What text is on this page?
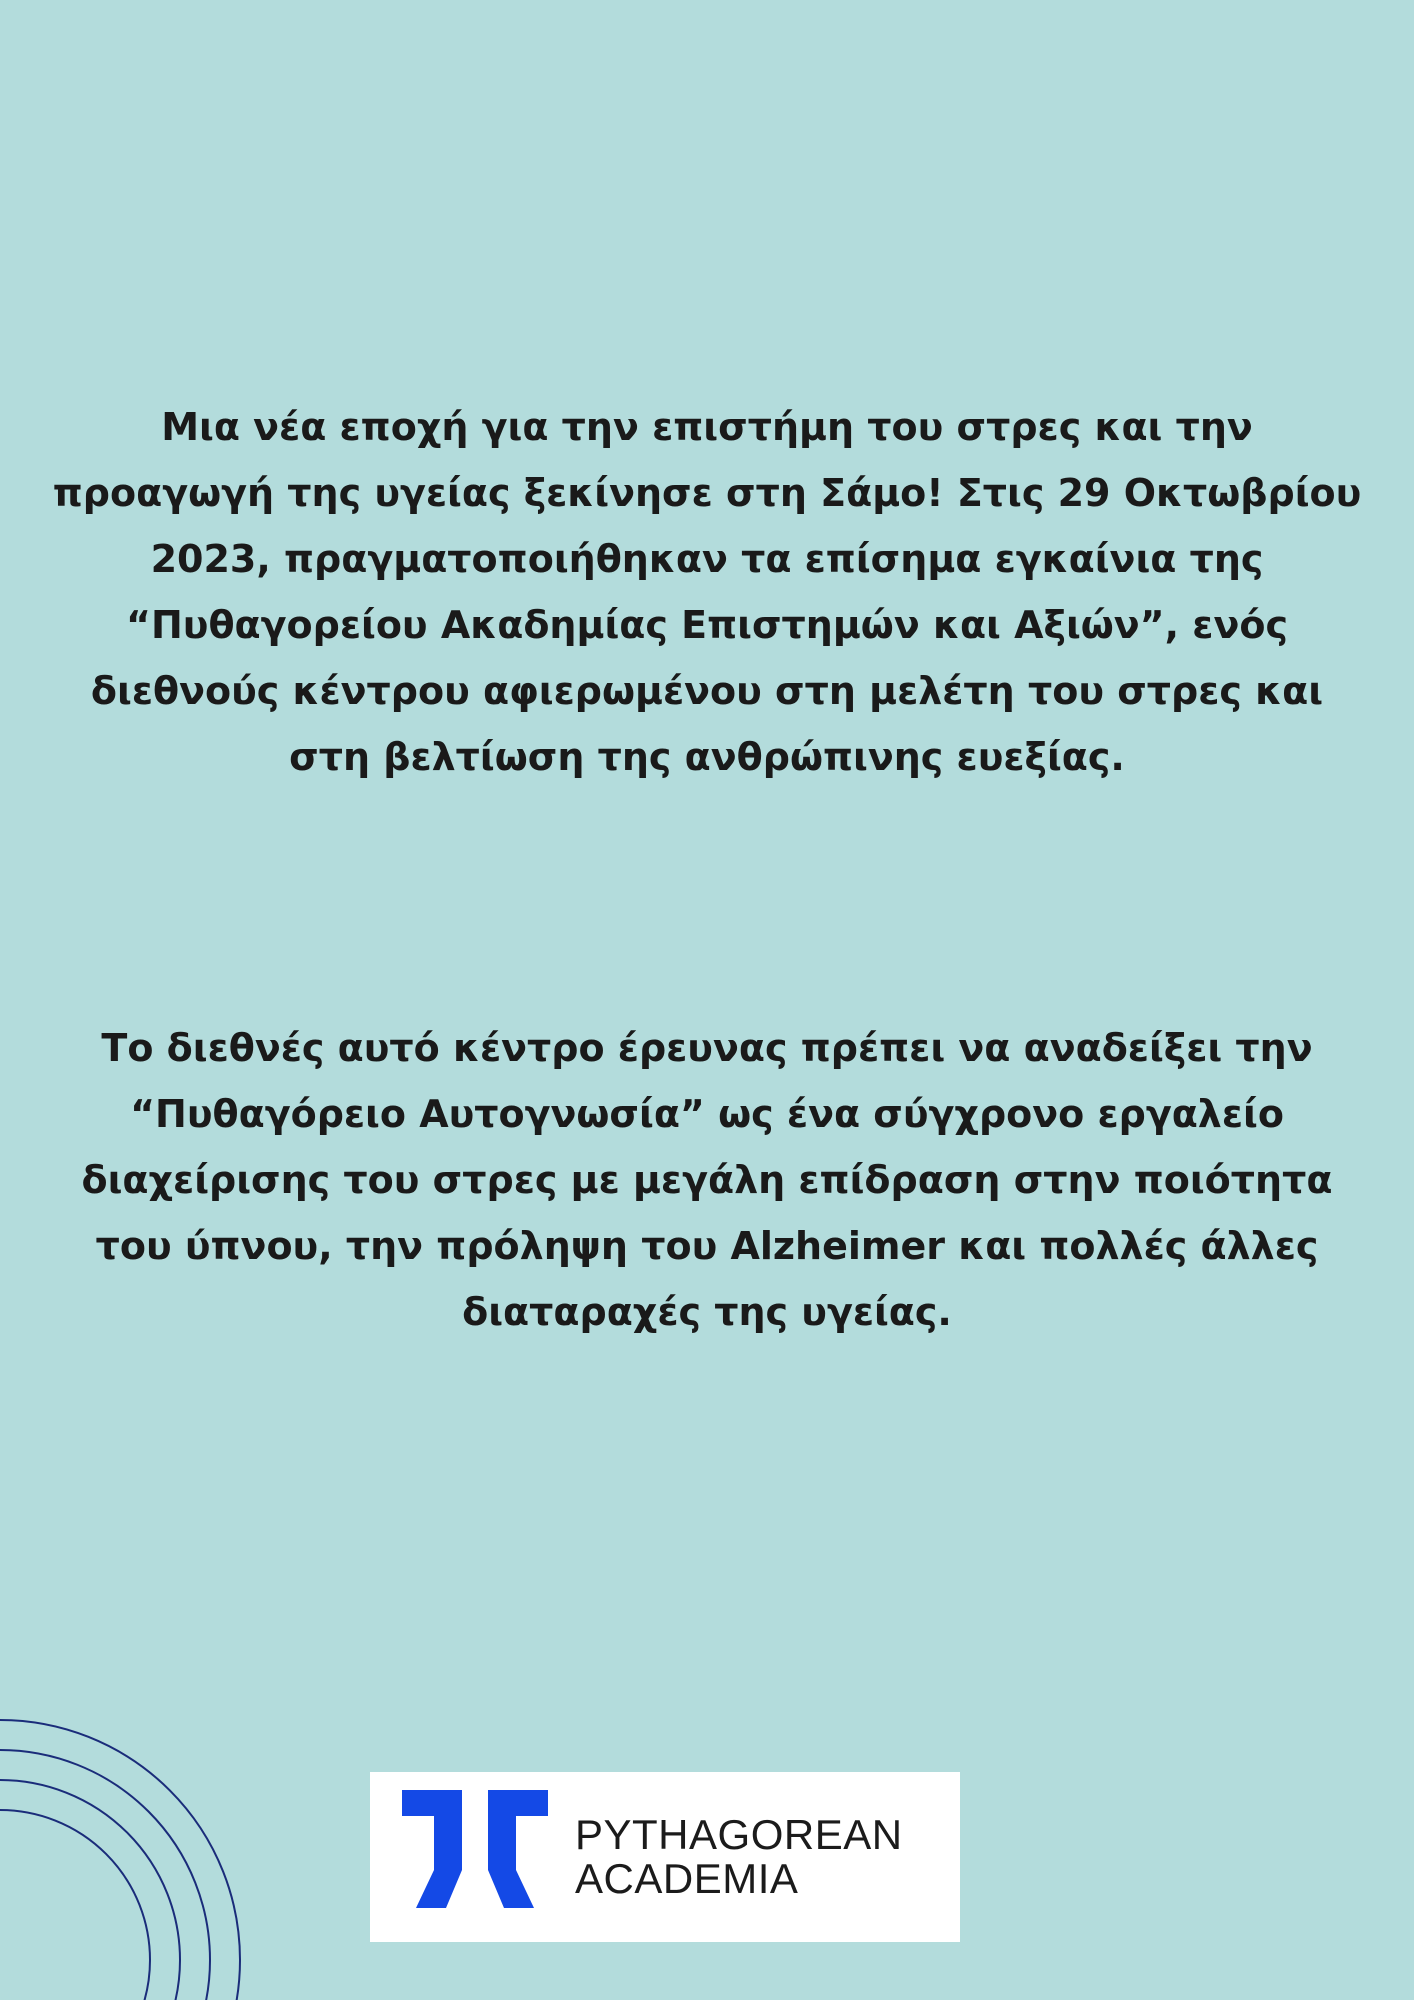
Μια νέα εποχή για την επιστήμη του στρες και την προαγωγή της υγείας ξεκίνησε στη Σάμο! Στις 29 Οκτωβρίου 2023, πραγματοποιήθηκαν τα επίσημα εγκαίνια της “Πυθαγορείου Ακαδημίας Επιστημών και Αξιών”, ενός διεθνούς κέντρου αφιερωμένου στη μελέτη του στρες και στη βελτίωση της ανθρώπινης ευεξίας.

Το διεθνές αυτό κέντρο έρευνας πρέπει να αναδείξει την “Πυθαγόρειο Αυτογνωσία” ως ένα σύγχρονο εργαλείο διαχείρισης του στρες με μεγάλη επίδραση στην ποιότητα του ύπνου, την πρόληψη του Alzheimer και πολλές άλλες διαταραχές της υγείας.

PYTHAGOREAN

ACADEMIA
